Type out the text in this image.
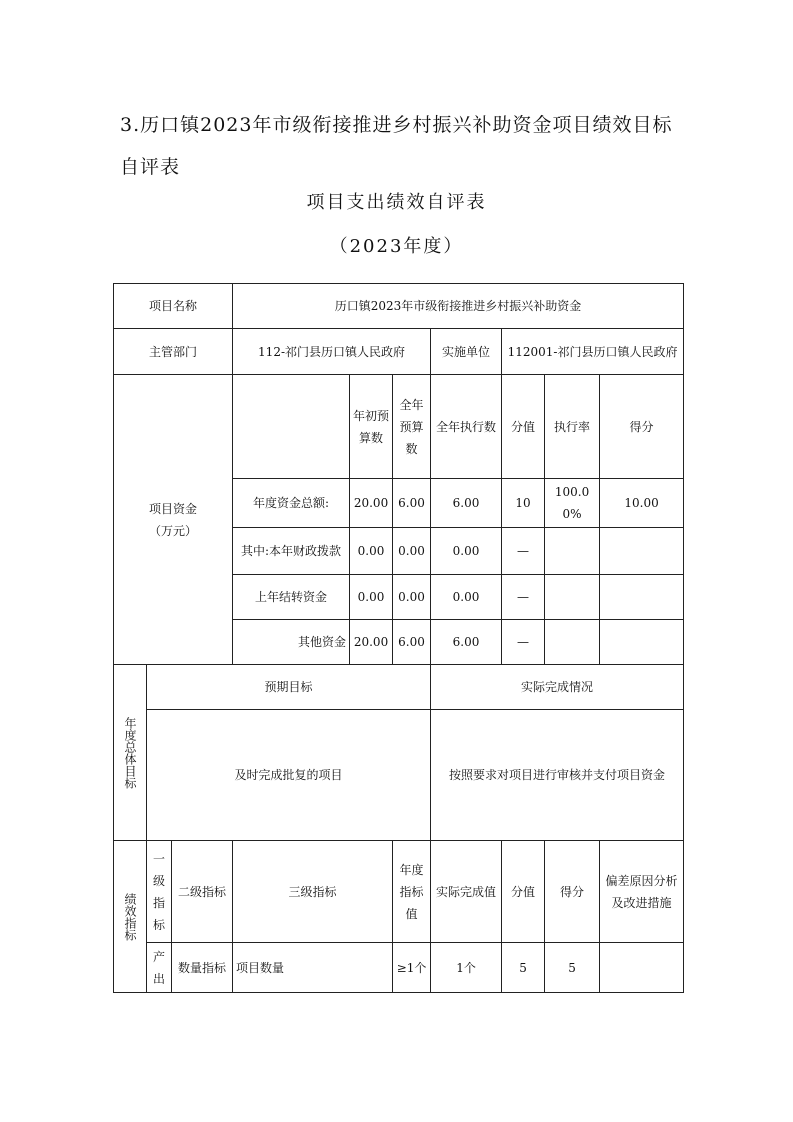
3.历口镇2023年市级衔接推进乡村振兴补助资金项目绩效目标自评表
项目支出绩效自评表
（2023年度）
项目名称			历口镇2023年市级衔接推进乡村振兴补助资金						
主管部门			112-祁门县历口镇人民政府			实施单位	112001-祁门县历口镇人民政府		

项目资金
（万元）				年初预算数	全年预算数	全年执行数	分值	执行率	得分
			年度资金总额:	20.00	6.00	6.00	10	100.00%	10.00
			其中:本年财政拨款	0.00	0.00	0.00	—		
			上年结转资金	0.00	0.00	0.00	—		
			其他资金	20.00	6.00	6.00	—		

年度总体目标	预期目标					实际完成情况			
	及时完成批复的项目					按照要求对项目进行审核并支付项目资金			

绩效指标	一级指标	二级指标	三级指标		年度指标值	实际完成值	分值	得分	偏差原因分析及改进措施
	产出	数量指标	项目数量		≥1个	1个	5	5	
